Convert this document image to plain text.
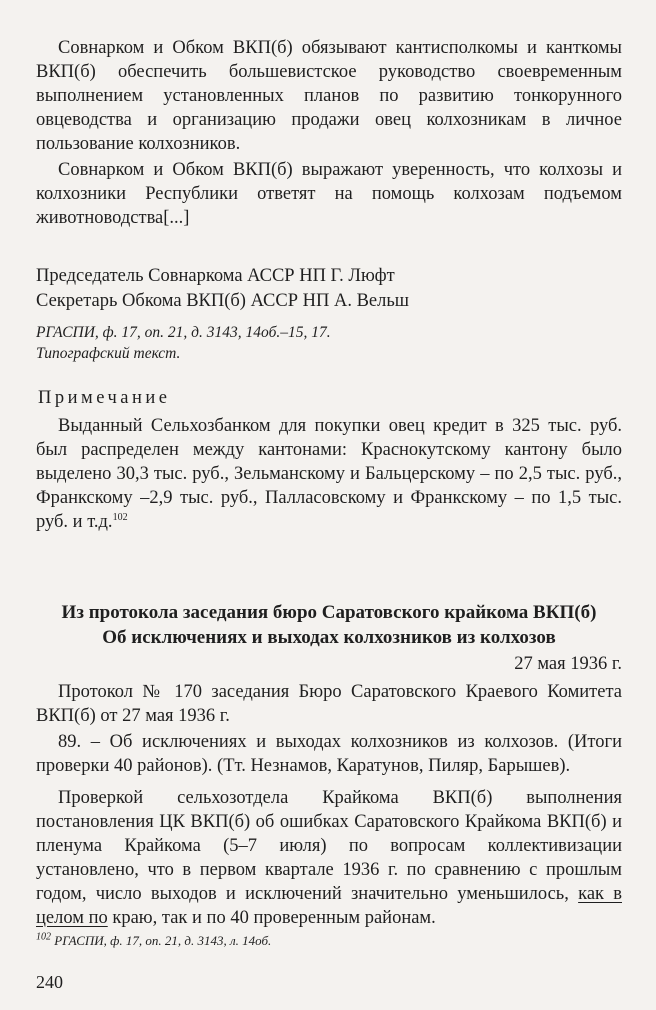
Совнарком и Обком ВКП(б) обязывают кантисполкомы и канткомы ВКП(б) обеспечить большевистское руководство своевременным выполнением установленных планов по развитию тонкорунного овцеводства и организацию продажи овец колхозникам в личное пользование колхозников.

Совнарком и Обком ВКП(б) выражают уверенность, что колхозы и колхозники Республики ответят на помощь колхозам подъемом животноводства[...]

Председатель Совнаркома АССР НП Г. Люфт
Секретарь Обкома ВКП(б) АССР НП А. Вельш
РГАСПИ, ф. 17, оп. 21, д. 3143, 14об.–15, 17.
Типографский текст.
Примечание

Выданный Сельхозбанком для покупки овец кредит в 325 тыс. руб. был распределен между кантонами: Краснокутскому кантону было выделено 30,3 тыс. руб., Зельманскому и Бальцерскому – по 2,5 тыс. руб., Франкскому –2,9 тыс. руб., Палласовскому и Франкскому – по 1,5 тыс. руб. и т.д.$^{102}$

Из протокола заседания бюро Саратовского крайкома ВКП(б)
Об исключениях и выходах колхозников из колхозов
27 мая 1936 г.

Протокол № 170 заседания Бюро Саратовского Краевого Комитета ВКП(б) от 27 мая 1936 г.

89. – Об исключениях и выходах колхозников из колхозов. (Итоги проверки 40 районов). (Тт. Незнамов, Каратунов, Пиляр, Барышев).

Проверкой сельхозотдела Крайкома ВКП(б) выполнения постановления ЦК ВКП(б) об ошибках Саратовского Крайкома ВКП(б) и пленума Крайкома (5–7 июля) по вопросам коллективизации установлено, что в первом квартале 1936 г. по сравнению с прошлым годом, число выходов и исключений значительно уменьшилось, как в целом по краю, так и по 40 проверенным районам.

$^{102}$ РГАСПИ, ф. 17, оп. 21, д. 3143, л. 14об.
240
